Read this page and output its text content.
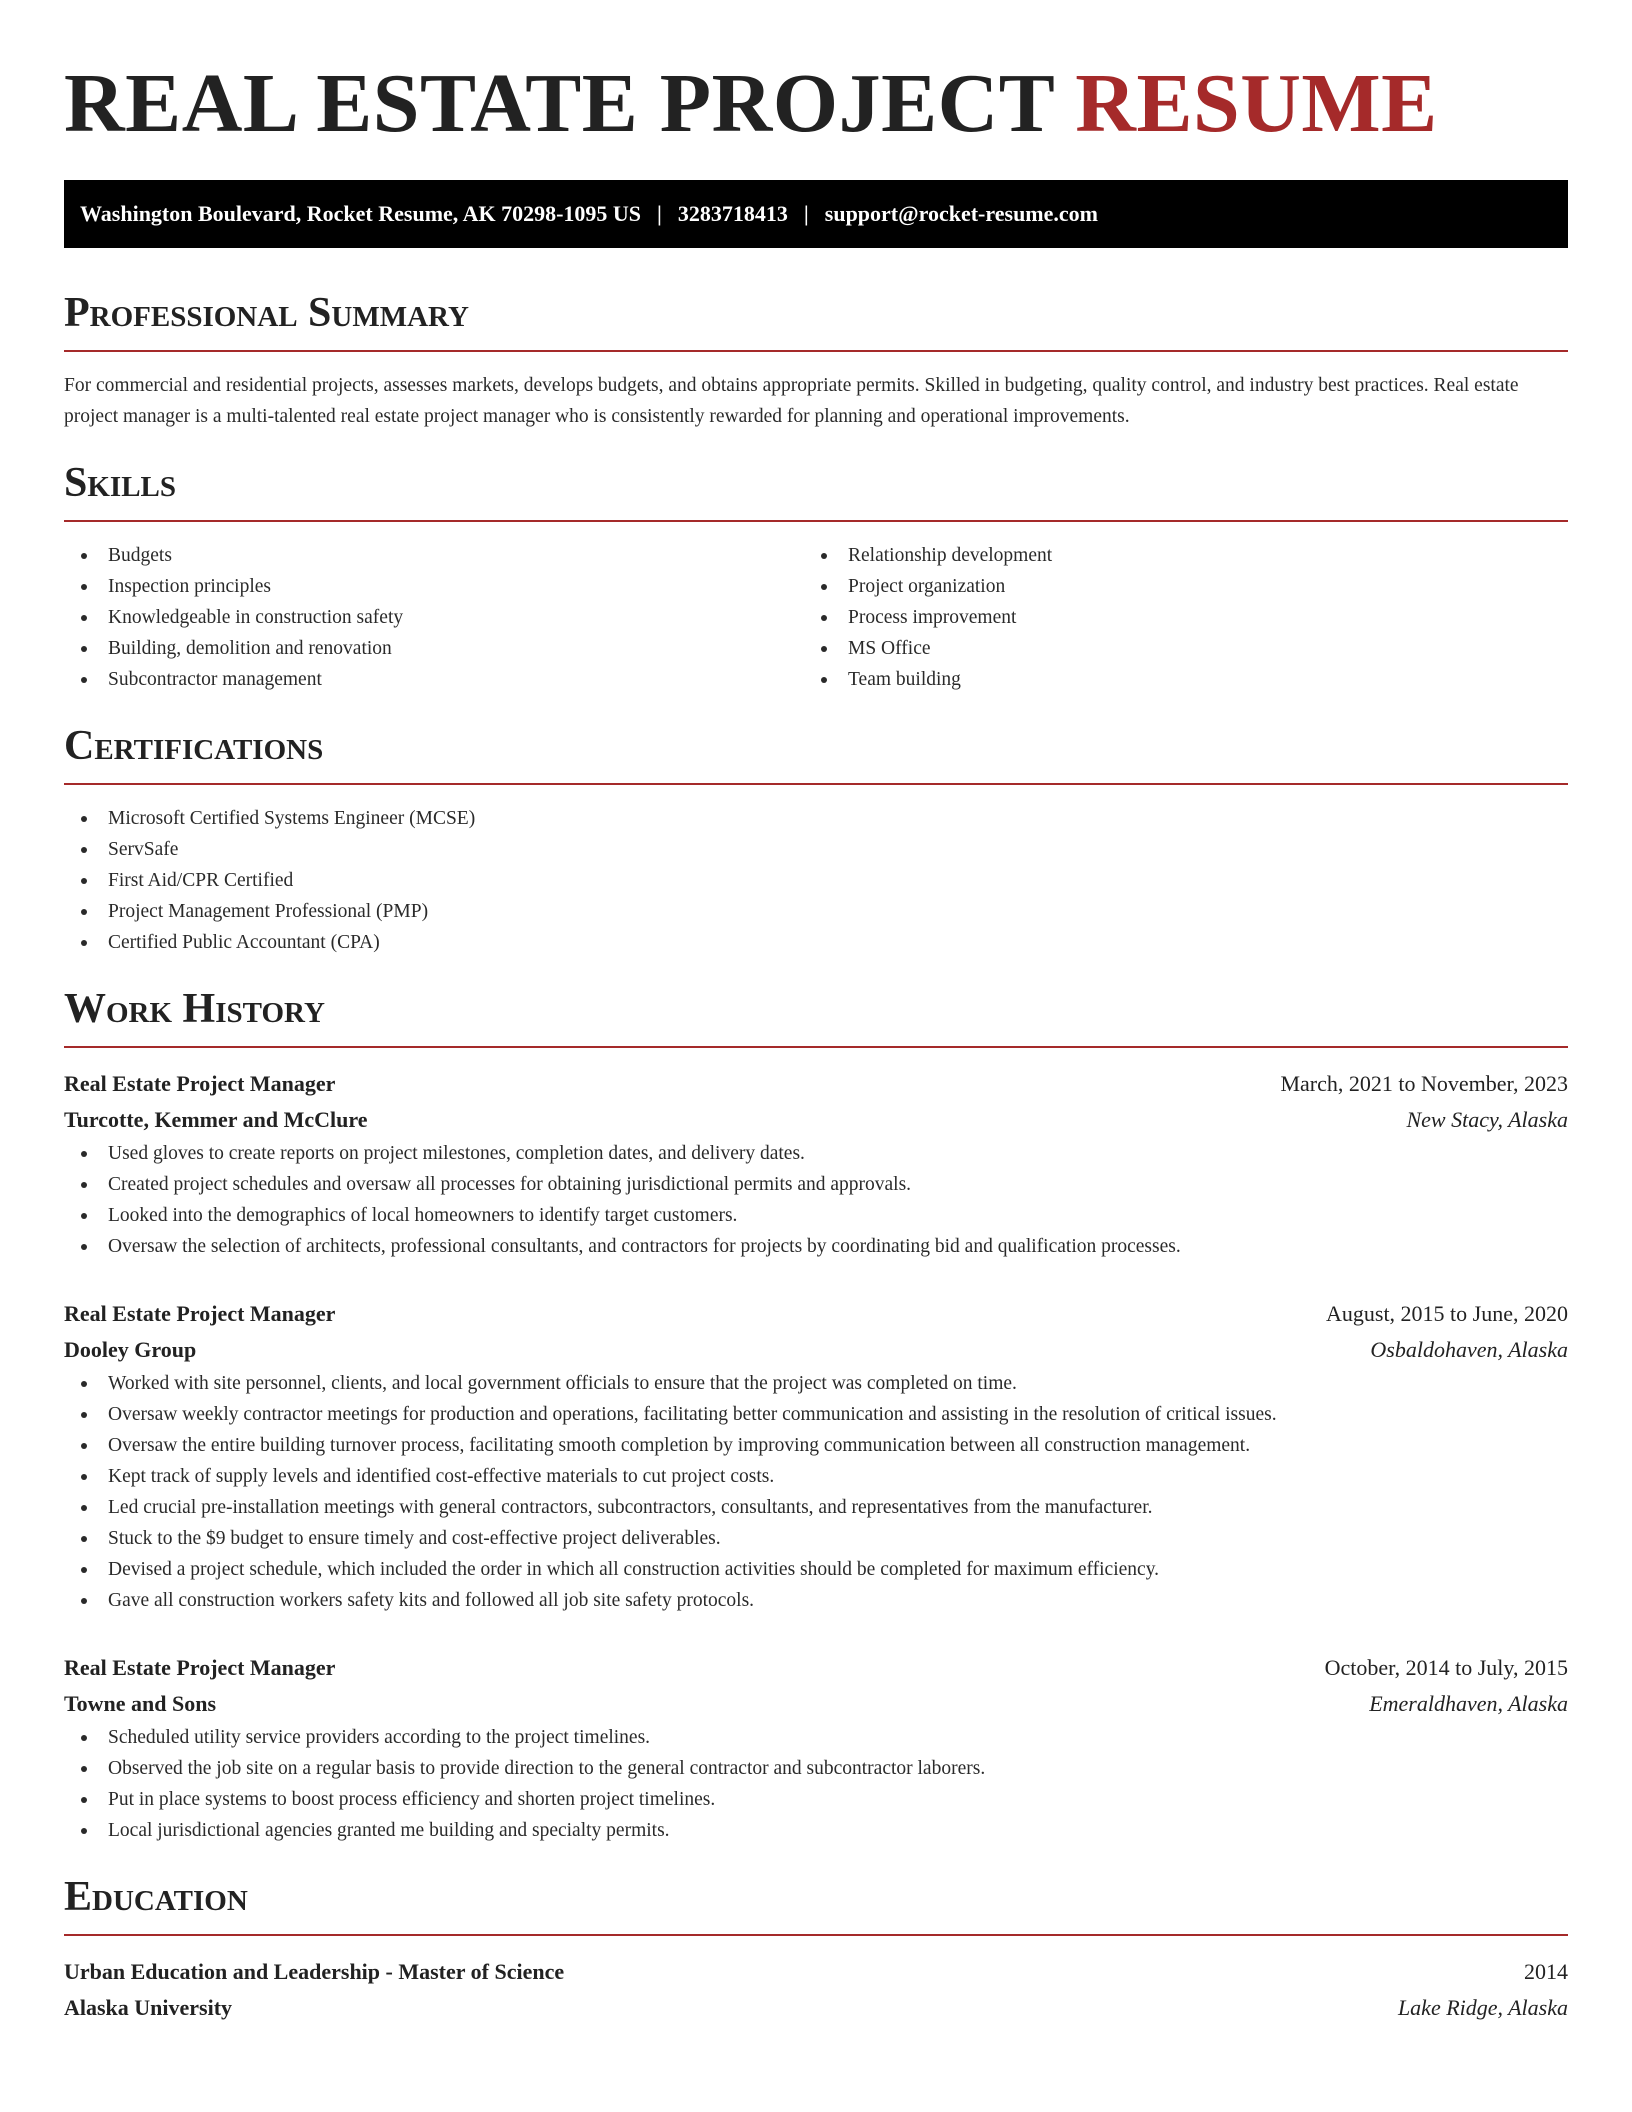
REAL ESTATE PROJECT RESUME
Washington Boulevard, Rocket Resume, AK 70298-1095 US | 3283718413 | support@rocket-resume.com
Professional Summary

For commercial and residential projects, assesses markets, develops budgets, and obtains appropriate permits. Skilled in budgeting, quality control, and industry best practices. Real estate project manager is a multi-talented real estate project manager who is consistently rewarded for planning and operational improvements.

Skills
Budgets
Inspection principles
Knowledgeable in construction safety
Building, demolition and renovation
Subcontractor management
Relationship development
Project organization
Process improvement
MS Office
Team building
Certifications
Microsoft Certified Systems Engineer (MCSE)
ServSafe
First Aid/CPR Certified
Project Management Professional (PMP)
Certified Public Accountant (CPA)
Work History
Real Estate Project Manager	March, 2021 to November, 2023
Turcotte, Kemmer and McClure	New Stacy, Alaska
Used gloves to create reports on project milestones, completion dates, and delivery dates.
Created project schedules and oversaw all processes for obtaining jurisdictional permits and approvals.
Looked into the demographics of local homeowners to identify target customers.
Oversaw the selection of architects, professional consultants, and contractors for projects by coordinating bid and qualification processes.
Real Estate Project Manager	August, 2015 to June, 2020
Dooley Group	Osbaldohaven, Alaska
Worked with site personnel, clients, and local government officials to ensure that the project was completed on time.
Oversaw weekly contractor meetings for production and operations, facilitating better communication and assisting in the resolution of critical issues.
Oversaw the entire building turnover process, facilitating smooth completion by improving communication between all construction management.
Kept track of supply levels and identified cost-effective materials to cut project costs.
Led crucial pre-installation meetings with general contractors, subcontractors, consultants, and representatives from the manufacturer.
Stuck to the $9 budget to ensure timely and cost-effective project deliverables.
Devised a project schedule, which included the order in which all construction activities should be completed for maximum efficiency.
Gave all construction workers safety kits and followed all job site safety protocols.
Real Estate Project Manager	October, 2014 to July, 2015
Towne and Sons	Emeraldhaven, Alaska
Scheduled utility service providers according to the project timelines.
Observed the job site on a regular basis to provide direction to the general contractor and subcontractor laborers.
Put in place systems to boost process efficiency and shorten project timelines.
Local jurisdictional agencies granted me building and specialty permits.
Education
Urban Education and Leadership - Master of Science	2014
Alaska University	Lake Ridge, Alaska
